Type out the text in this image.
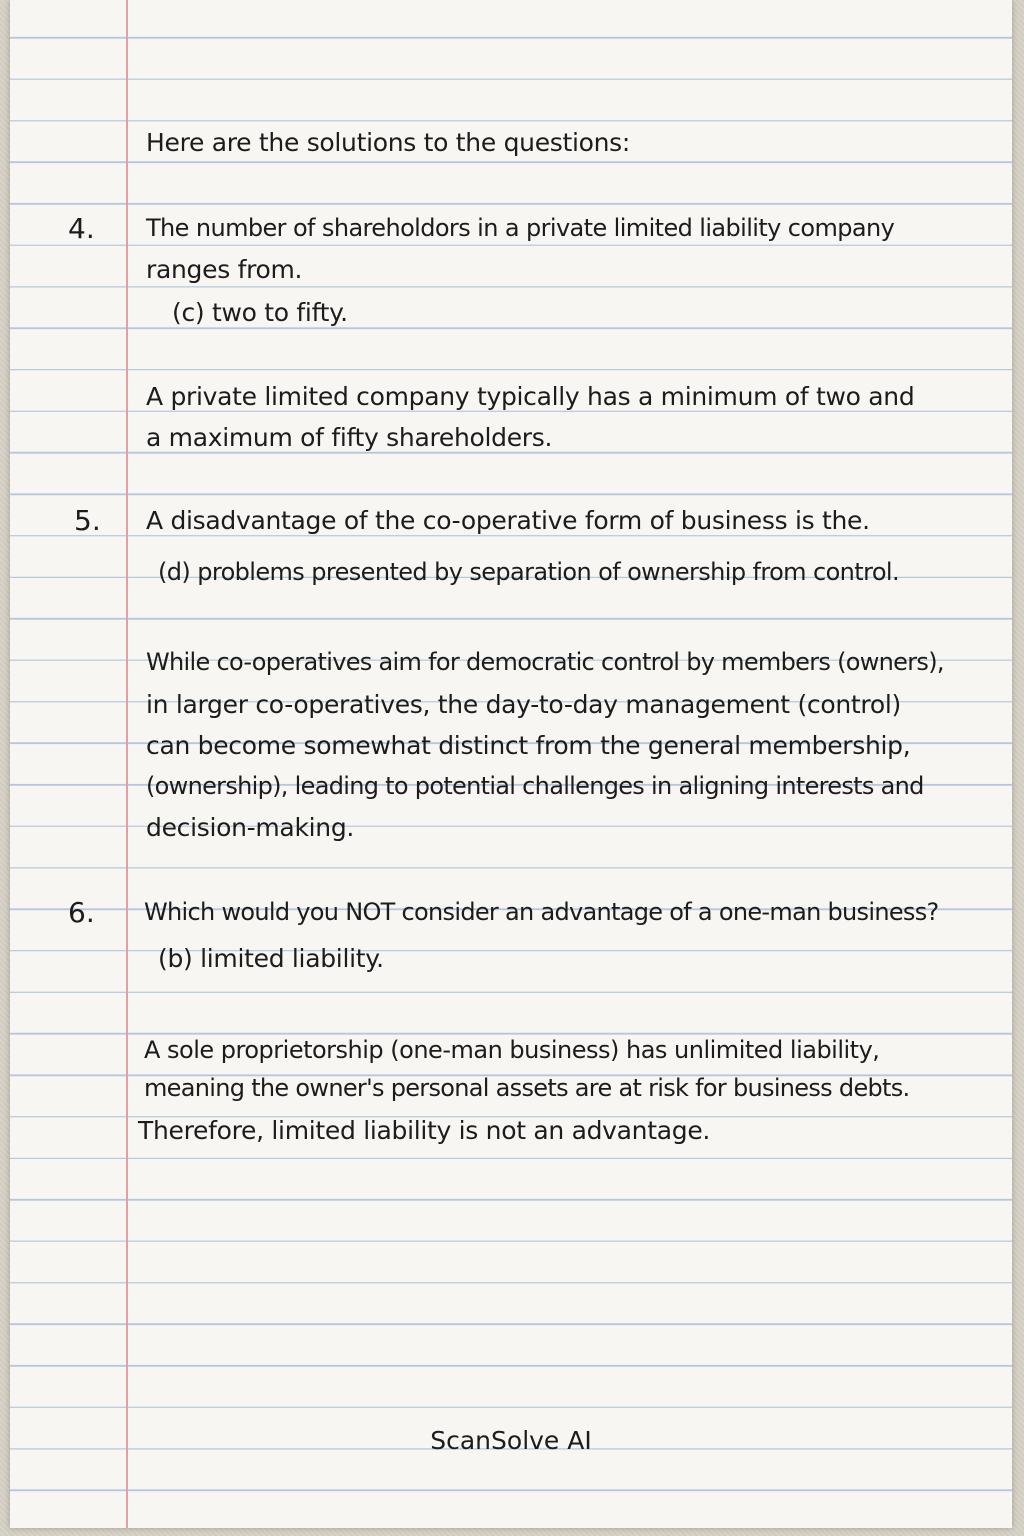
Here are the solutions to the questions:
4. The number of shareholdors in a private limited liability company
ranges from.
(c) two to fifty.
A private limited company typically has a minimum of two and
a maximum of fifty shareholders.
5. A disadvantage of the co-operative form of business is the.
(d) problems presented by separation of ownership from control.
While co-operatives aim for democratic control by members (owners),
in larger co-operatives, the day-to-day management (control)
can become somewhat distinct from the general membership,
(ownership), leading to potential challenges in aligning interests and
decision-making.
6. Which would you NOT consider an advantage of a one-man business?
(b) limited liability.
A sole proprietorship (one-man business) has unlimited liability,
meaning the owner's personal assets are at risk for business debts.
Therefore, limited liability is not an advantage.
ScanSolve AI
